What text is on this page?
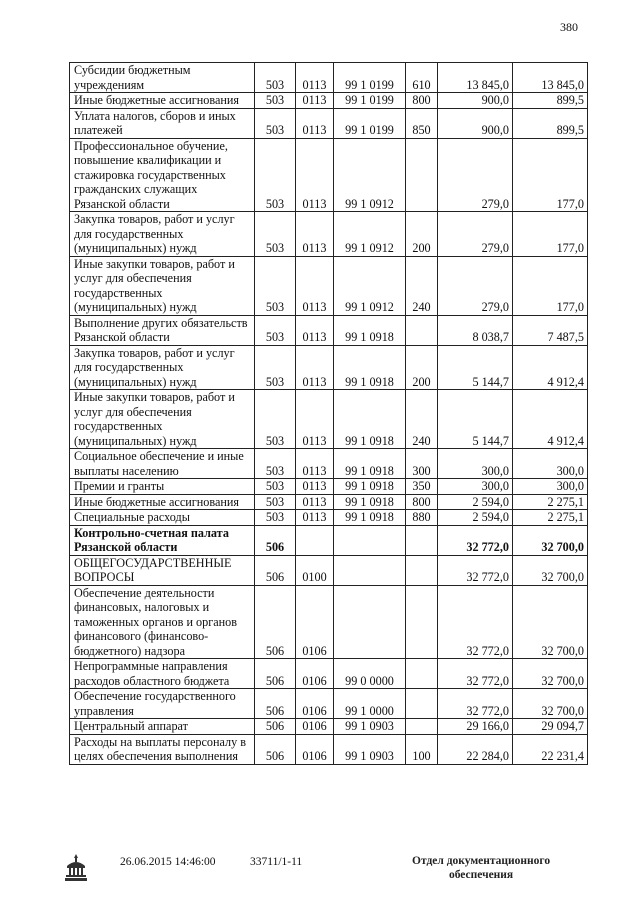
380
Субсидии бюджетным учреждениям	503	0113	99 1 0199	610	13 845,0	13 845,0
Иные бюджетные ассигнования	503	0113	99 1 0199	800	900,0	899,5
Уплата налогов, сборов и иных платежей	503	0113	99 1 0199	850	900,0	899,5
Профессиональное обучение, повышение квалификации и стажировка государственных гражданских служащих Рязанской области	503	0113	99 1 0912		279,0	177,0
Закупка товаров, работ и услуг для государственных (муниципальных) нужд	503	0113	99 1 0912	200	279,0	177,0
Иные закупки товаров, работ и услуг для обеспечения государственных (муниципальных) нужд	503	0113	99 1 0912	240	279,0	177,0
Выполнение других обязательств Рязанской области	503	0113	99 1 0918		8 038,7	7 487,5
Закупка товаров, работ и услуг для государственных (муниципальных) нужд	503	0113	99 1 0918	200	5 144,7	4 912,4
Иные закупки товаров, работ и услуг для обеспечения государственных (муниципальных) нужд	503	0113	99 1 0918	240	5 144,7	4 912,4
Социальное обеспечение и иные выплаты населению	503	0113	99 1 0918	300	300,0	300,0
Премии и гранты	503	0113	99 1 0918	350	300,0	300,0
Иные бюджетные ассигнования	503	0113	99 1 0918	800	2 594,0	2 275,1
Специальные расходы	503	0113	99 1 0918	880	2 594,0	2 275,1
Контрольно-счетная палата Рязанской области	506				32 772,0	32 700,0
ОБЩЕГОСУДАРСТВЕННЫЕ ВОПРОСЫ	506	0100			32 772,0	32 700,0
Обеспечение деятельности финансовых, налоговых и таможенных органов и органов финансового (финансово-бюджетного) надзора	506	0106			32 772,0	32 700,0
Непрограммные направления расходов областного бюджета	506	0106	99 0 0000		32 772,0	32 700,0
Обеспечение государственного управления	506	0106	99 1 0000		32 772,0	32 700,0
Центральный аппарат	506	0106	99 1 0903		29 166,0	29 094,7
Расходы на выплаты персоналу в целях обеспечения выполнения	506	0106	99 1 0903	100	22 284,0	22 231,4
26.06.2015 14:46:00	33711/1-11	Отдел документационного
обеспечения
